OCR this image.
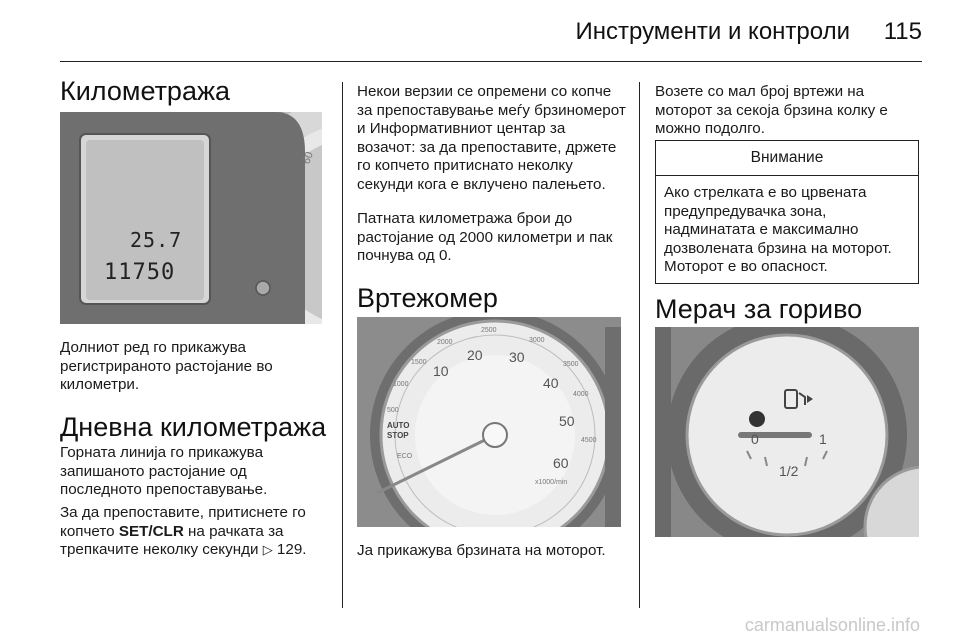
Инструменти и контроли 115
Километража
25.7
11750
60

Долниот ред го прикажува регистрираното растојание во километри.

Дневна километража

Горната линија го прикажува запишаното растојание од последното препоставување.

За да препоставите, притиснете го копчето SET/CLR на рачката за трепкачите неколку секунди ▷ 129.

Некои верзии се опремени со копче за препоставување меѓу брзиномерот и Информативниот центар за возачот: за да препоставите, држете го копчето притиснато неколку секунди кога е вклучено палењето.

Патната километража брои до растојание од 2000 километри и пак почнува од 0.

Вртежомер
10
20 30
40
50
60
2500
2000
1500
1000
500
4000
3500
3000
4500
AUTO
STOP
ECO
x1000/min

Ја прикажува брзината на моторот.

Возете со мал број вртежи на моторот за секоја брзина колку е можно подолго.

Внимание
Ако стрелката е во црвената предупредувачка зона, надминатата е максимално дозволената брзина на моторот. Моторот е во опасност.
Мерач за гориво
0	1
1/2
carmanualsonline.info
